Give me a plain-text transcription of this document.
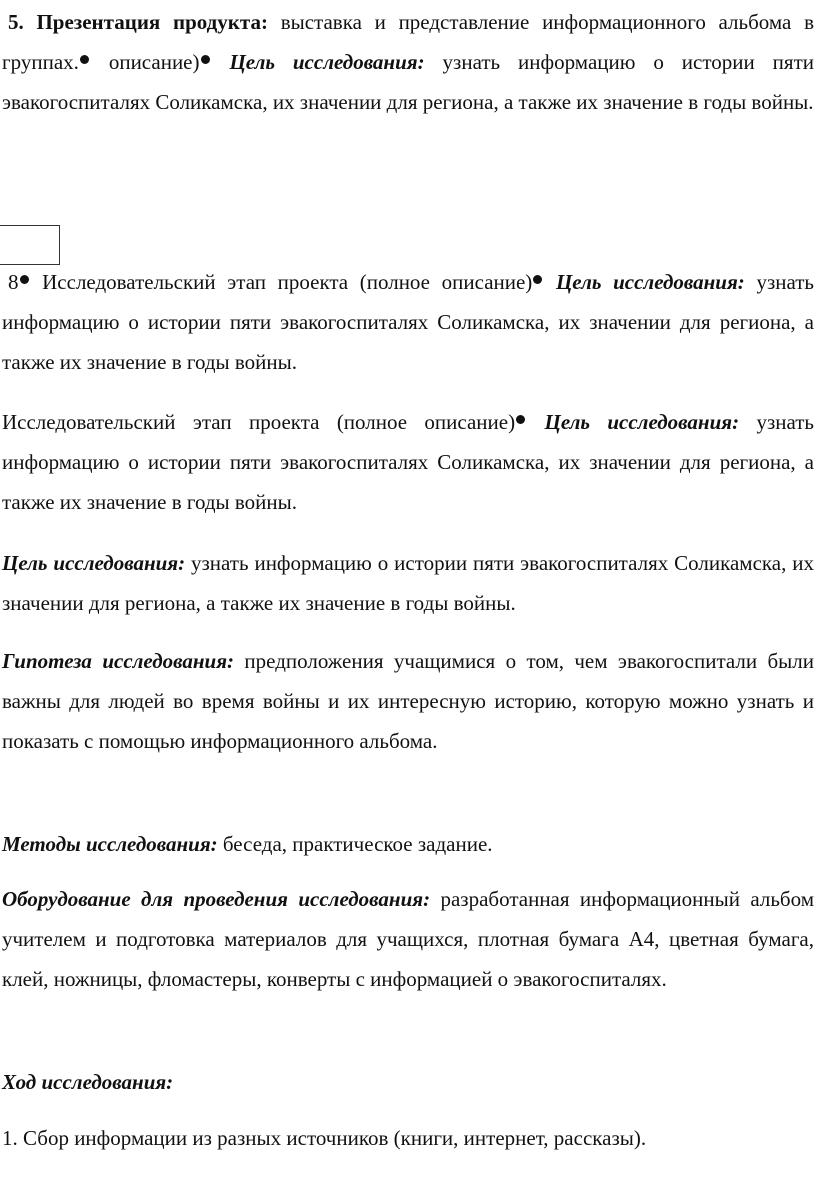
5. Презентация продукта: выставка и представление информационного альбома в группах. описание) Цель исследования: узнать информацию о истории пяти эвакогоспиталях Соликамска, их значении для региона, а также их значение в годы войны.

8 Исследовательский этап проекта (полное описание) Цель исследования: узнать информацию о истории пяти эвакогоспиталях Соликамска, их значении для региона, а также их значение в годы войны.

Исследовательский этап проекта (полное описание) Цель исследования: узнать информацию о истории пяти эвакогоспиталях Соликамска, их значении для региона, а также их значение в годы войны.

Цель исследования: узнать информацию о истории пяти эвакогоспиталях Соликамска, их значении для региона, а также их значение в годы войны.

Гипотеза исследования: предположения учащимися о том, чем эвакогоспитали были важны для людей во время войны и их интересную историю, которую можно узнать и показать с помощью информационного альбома.

Методы исследования: беседа, практическое задание.

Оборудование для проведения исследования: разработанная информационный альбом учителем и подготовка материалов для учащихся, плотная бумага А4, цветная бумага, клей, ножницы, фломастеры, конверты с информацией о эвакогоспиталях.

Ход исследования:

1. Сбор информации из разных источников (книги, интернет, рассказы).
